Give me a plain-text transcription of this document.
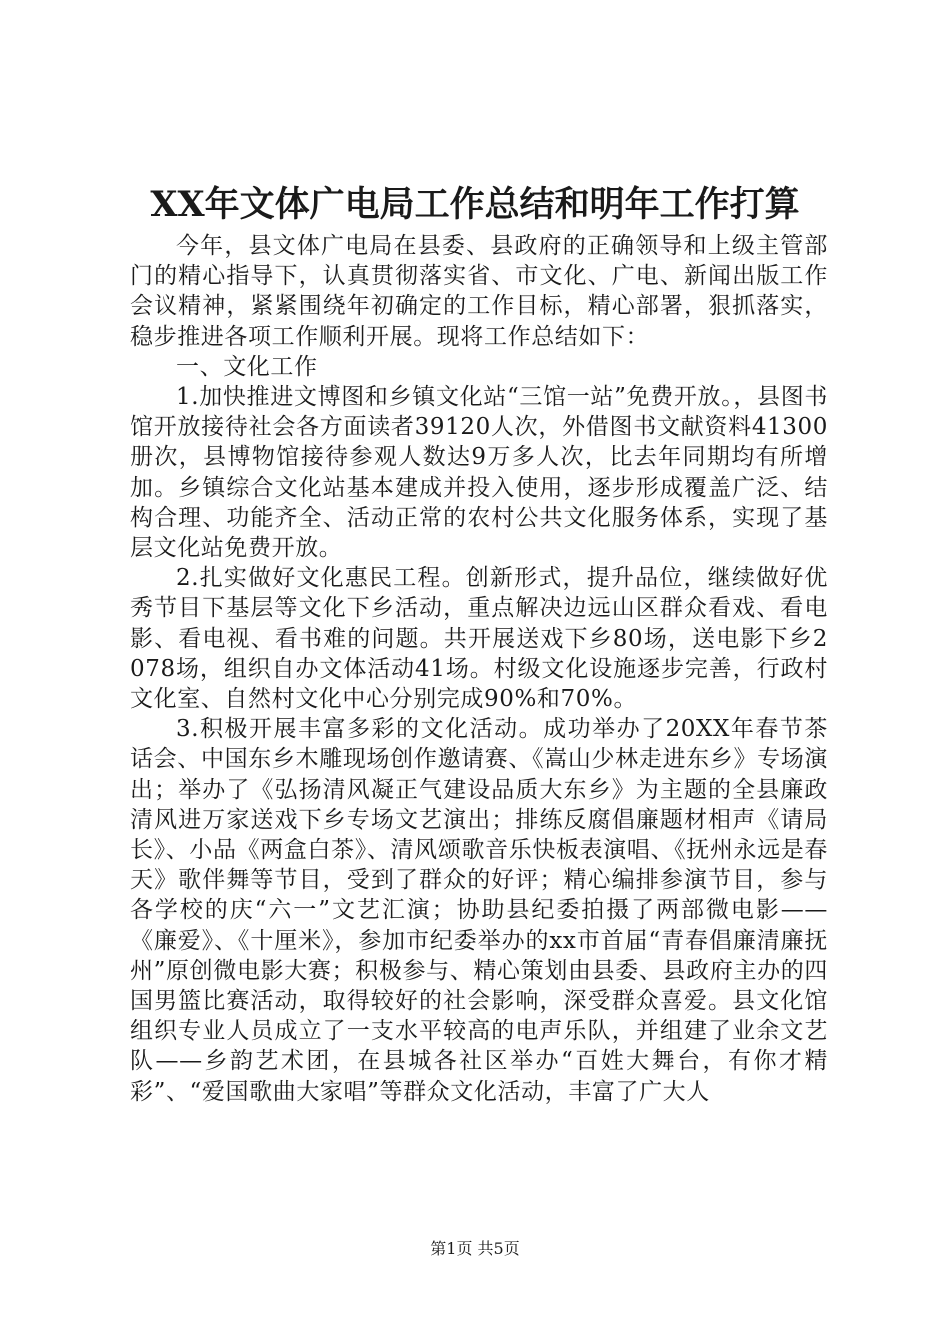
XX年文体广电局工作总结和明年工作打算

今年，县文体广电局在县委、县政府的正确领导和上级主管部门的精心指导下，认真贯彻落实省、市文化、广电、新闻出版工作会议精神，紧紧围绕年初确定的工作目标，精心部署，狠抓落实，稳步推进各项工作顺利开展。现将工作总结如下：

一、文化工作

1.加快推进文博图和乡镇文化站“三馆一站”免费开放。，县图书馆开放接待社会各方面读者39120人次，外借图书文献资料41300册次，县博物馆接待参观人数达9万多人次，比去年同期均有所增加。乡镇综合文化站基本建成并投入使用，逐步形成覆盖广泛、结构合理、功能齐全、活动正常的农村公共文化服务体系，实现了基层文化站免费开放。

2.扎实做好文化惠民工程。创新形式，提升品位，继续做好优秀节目下基层等文化下乡活动，重点解决边远山区群众看戏、看电影、看电视、看书难的问题。共开展送戏下乡80场，送电影下乡2078场，组织自办文体活动41场。村级文化设施逐步完善，行政村文化室、自然村文化中心分别完成90%和70%。

3.积极开展丰富多彩的文化活动。成功举办了20XX年春节茶话会、中国东乡木雕现场创作邀请赛、《嵩山少林走进东乡》专场演出；举办了《弘扬清风凝正气建设品质大东乡》为主题的全县廉政清风进万家送戏下乡专场文艺演出；排练反腐倡廉题材相声《请局长》、小品《两盒白茶》、清风颂歌音乐快板表演唱、《抚州永远是春天》歌伴舞等节目，受到了群众的好评；精心编排参演节目，参与各学校的庆“六一”文艺汇演；协助县纪委拍摄了两部微电影——《廉爱》、《十厘米》，参加市纪委举办的xx市首届“青春倡廉清廉抚州”原创微电影大赛；积极参与、精心策划由县委、县政府主办的四国男篮比赛活动，取得较好的社会影响，深受群众喜爱。县文化馆组织专业人员成立了一支水平较高的电声乐队，并组建了业余文艺队——乡韵艺术团，在县城各社区举办“百姓大舞台，有你才精彩”、“爱国歌曲大家唱”等群众文化活动，丰富了广大人

第1页 共5页
